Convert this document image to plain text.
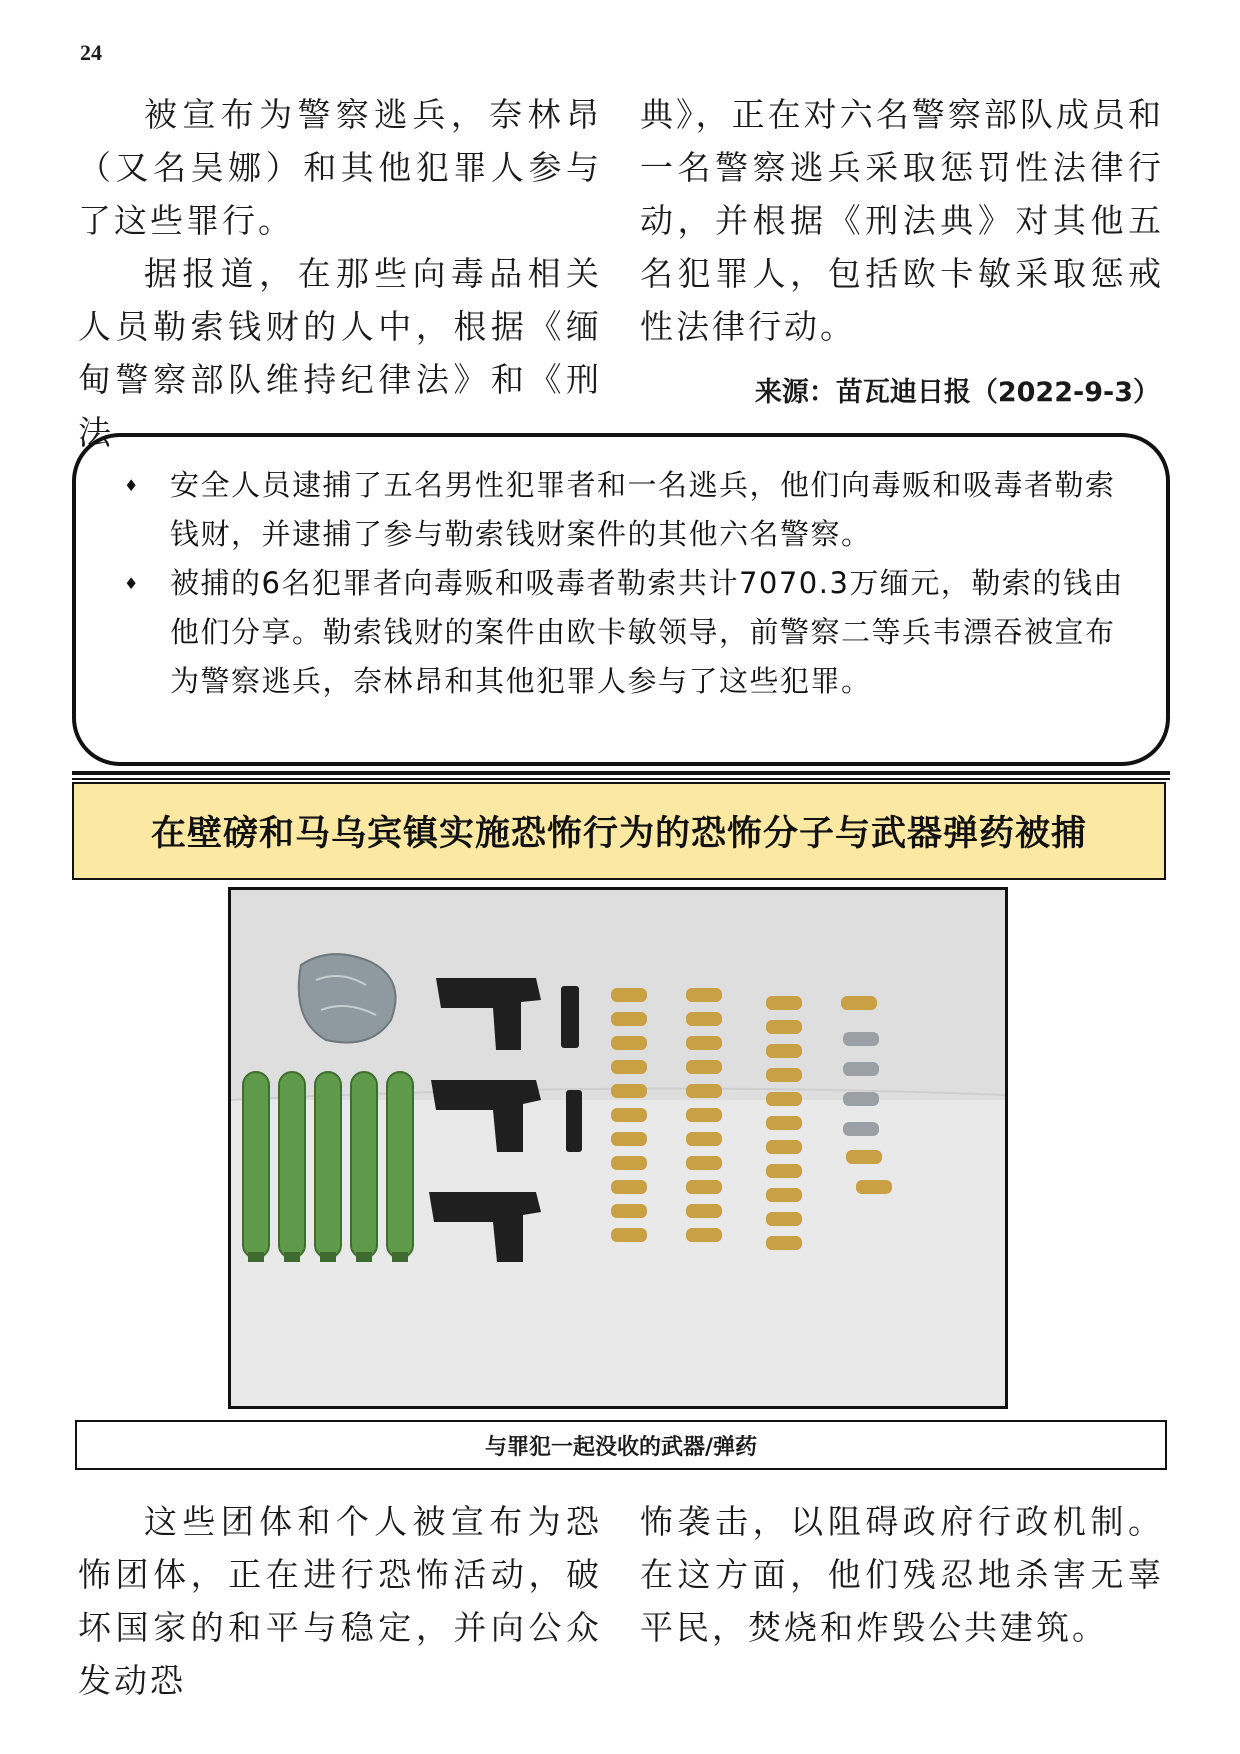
24

被宣布为警察逃兵，奈林昂（又名吴娜）和其他犯罪人参与了这些罪行。

据报道，在那些向毒品相关人员勒索钱财的人中，根据《缅甸警察部队维持纪律法》和《刑法

典》，正在对六名警察部队成员和一名警察逃兵采取惩罚性法律行动，并根据《刑法典》对其他五名犯罪人，包括欧卡敏采取惩戒性法律行动。

来源：苗瓦迪日报（2022-9-3）
♦ 安全人员逮捕了五名男性犯罪者和一名逃兵，他们向毒贩和吸毒者勒索钱财，并逮捕了参与勒索钱财案件的其他六名警察。
♦ 被捕的6名犯罪者向毒贩和吸毒者勒索共计7070.3万缅元，勒索的钱由他们分享。勒索钱财的案件由欧卡敏领导，前警察二等兵韦漂吞被宣布为警察逃兵，奈林昂和其他犯罪人参与了这些犯罪。
在壁磅和马乌宾镇实施恐怖行为的恐怖分子与武器弹药被捕
与罪犯一起没收的武器/弹药

这些团体和个人被宣布为恐怖团体，正在进行恐怖活动，破坏国家的和平与稳定，并向公众发动恐

怖袭击，以阻碍政府行政机制。在这方面，他们残忍地杀害无辜平民，焚烧和炸毁公共建筑。
